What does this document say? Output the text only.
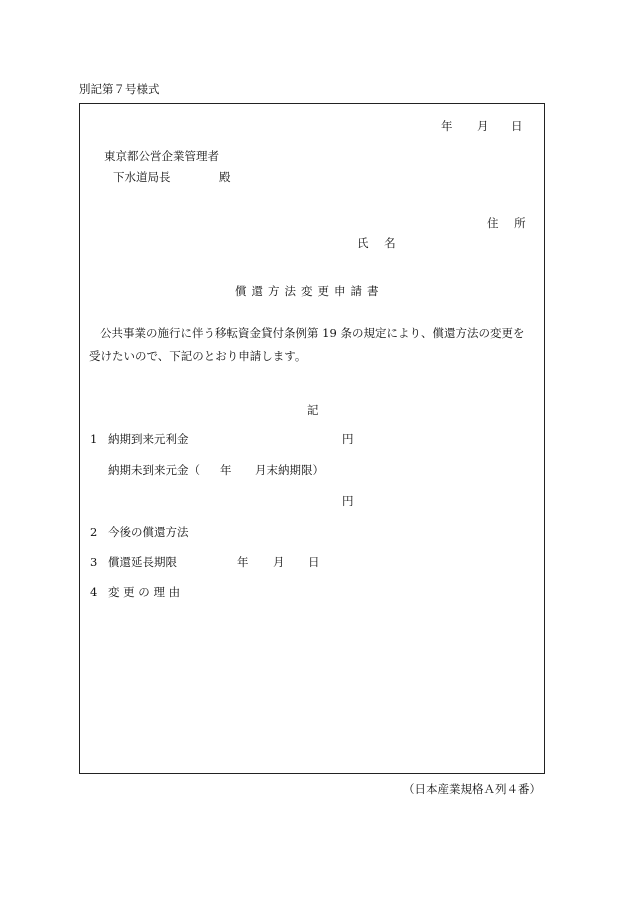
別記第７号様式
年 月 日
東京都公営企業管理者
下水道局長	殿
住 所
氏 名
償還方法変更申請書
公共事業の施行に伴う移転資金貸付条例第 19 条の規定により、償還方法の変更を
受けたいので、下記のとおり申請します。
記
1 納期到来元利金	円
納期未到来元金（ 年 月末納期限）
円
2 今後の償還方法
3 償還延長期限	年 月 日
4 変 更 の 理 由
（日本産業規格Ａ列４番）
